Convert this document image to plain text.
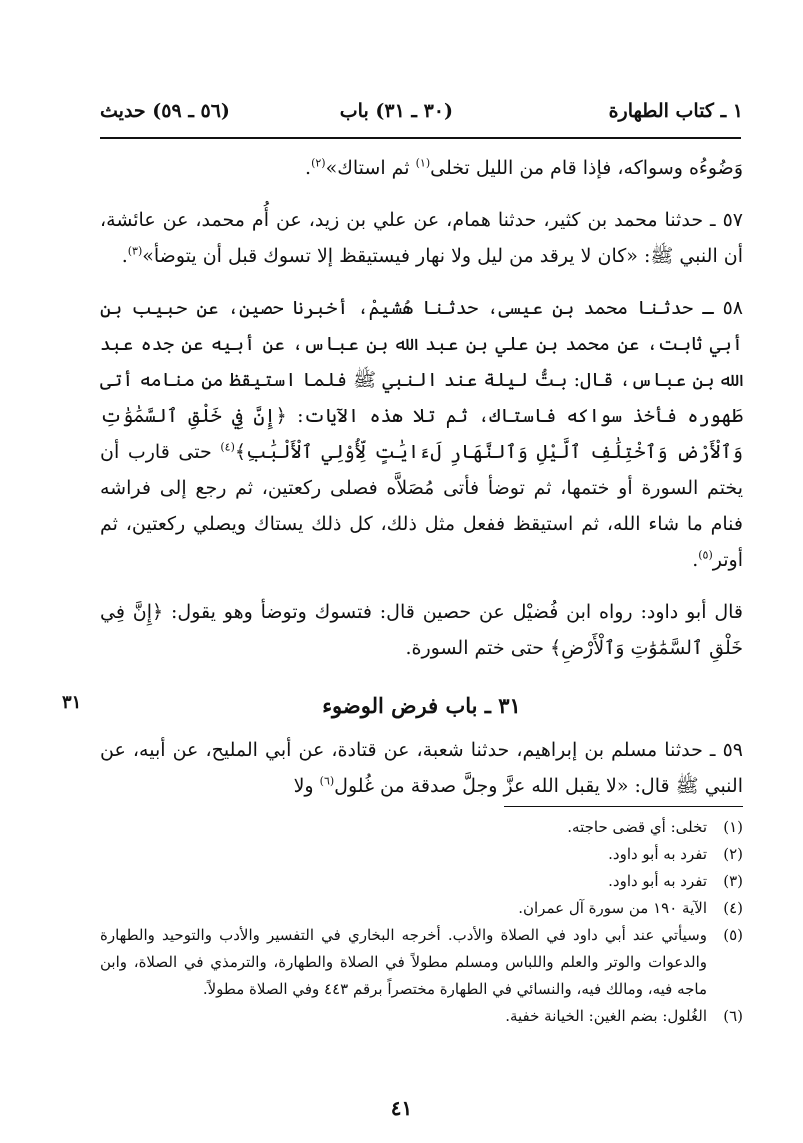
١ ـ كتاب الطهارة
(٣٠ ـ ٣١) باب
(٥٦ ـ ٥٩) حديث

وَضُوءُه وسواكه، فإذا قام من الليل تخلى$^{(١)}$ ثم استاك»$^{(٢)}$.

٥٧ ـ حدثنا محمد بن كثير، حدثنا همام، عن علي بن زيد، عن أُم محمد، عن عائشة، أن النبي ﷺ: «كان لا يرقد من ليل ولا نهار فيستيقظ إلا تسوك قبل أن يتوضأ»$^{(٣)}$.

٥٨ ـ حدثنا محمد بن عيسى، حدثنا هُشيمْ، أخبرنا حصين، عن حبيب بن أبي ثابت، عن محمد بن علي بن عبد الله بن عباس، عن أبيه عن جده عبد الله بن عباس، قال: بتُّ ليلة عند النبي ﷺ فلما استيقظ من منامه أتى طَهوره فأخذ سواكه فاستاك، ثم تلا هذه الآيات: ﴿إِنَّ فِي خَلْقِ ٱلسَّمَٰوَٰتِ وَٱلْأَرْضِ وَٱخْتِلَٰفِ ٱلَّيْلِ وَٱلنَّهَارِ لَءَايَٰتٍ لِّأُوْلِي ٱلْأَلْبَٰبِ﴾$^{(٤)}$ حتى قارب أن يختم السورة أو ختمها، ثم توضأ فأتى مُصَلاَّه فصلى ركعتين، ثم رجع إلى فراشه فنام ما شاء الله، ثم استيقظ ففعل مثل ذلك، كل ذلك يستاك ويصلي ركعتين، ثم أوتر$^{(٥)}$.

قال أبو داود: رواه ابن فُضيْل عن حصين قال: فتسوك وتوضأ وهو يقول: ﴿إِنَّ فِي خَلْقِ ٱلسَّمَٰوَٰتِ وَٱلْأَرْضِ﴾ حتى ختم السورة.

٣١ ـ باب فرض الوضوء

٥٩ ـ حدثنا مسلم بن إبراهيم، حدثنا شعبة، عن قتادة، عن أبي المليح، عن أبيه، عن النبي ﷺ قال: «لا يقبل الله عزَّ وجلَّ صدقة من غُلول$^{(٦)}$ ولا

٣١
(١)
تخلى: أي قضى حاجته.
(٢)
تفرد به أبو داود.
(٣)
تفرد به أبو داود.
(٤)
الآية ١٩٠ من سورة آل عمران.
(٥)
وسيأتي عند أبي داود في الصلاة والأدب. أخرجه البخاري في التفسير والأدب والتوحيد والطهارة والدعوات والوتر والعلم واللباس ومسلم مطولاً في الصلاة والطهارة، والترمذي في الصلاة، وابن ماجه فيه، ومالك فيه، والنسائي في الطهارة مختصراً برقم ٤٤٣ وفي الصلاة مطولاً.
(٦)
الغُلول: بضم الغين: الخيانة خفية.
٤١
